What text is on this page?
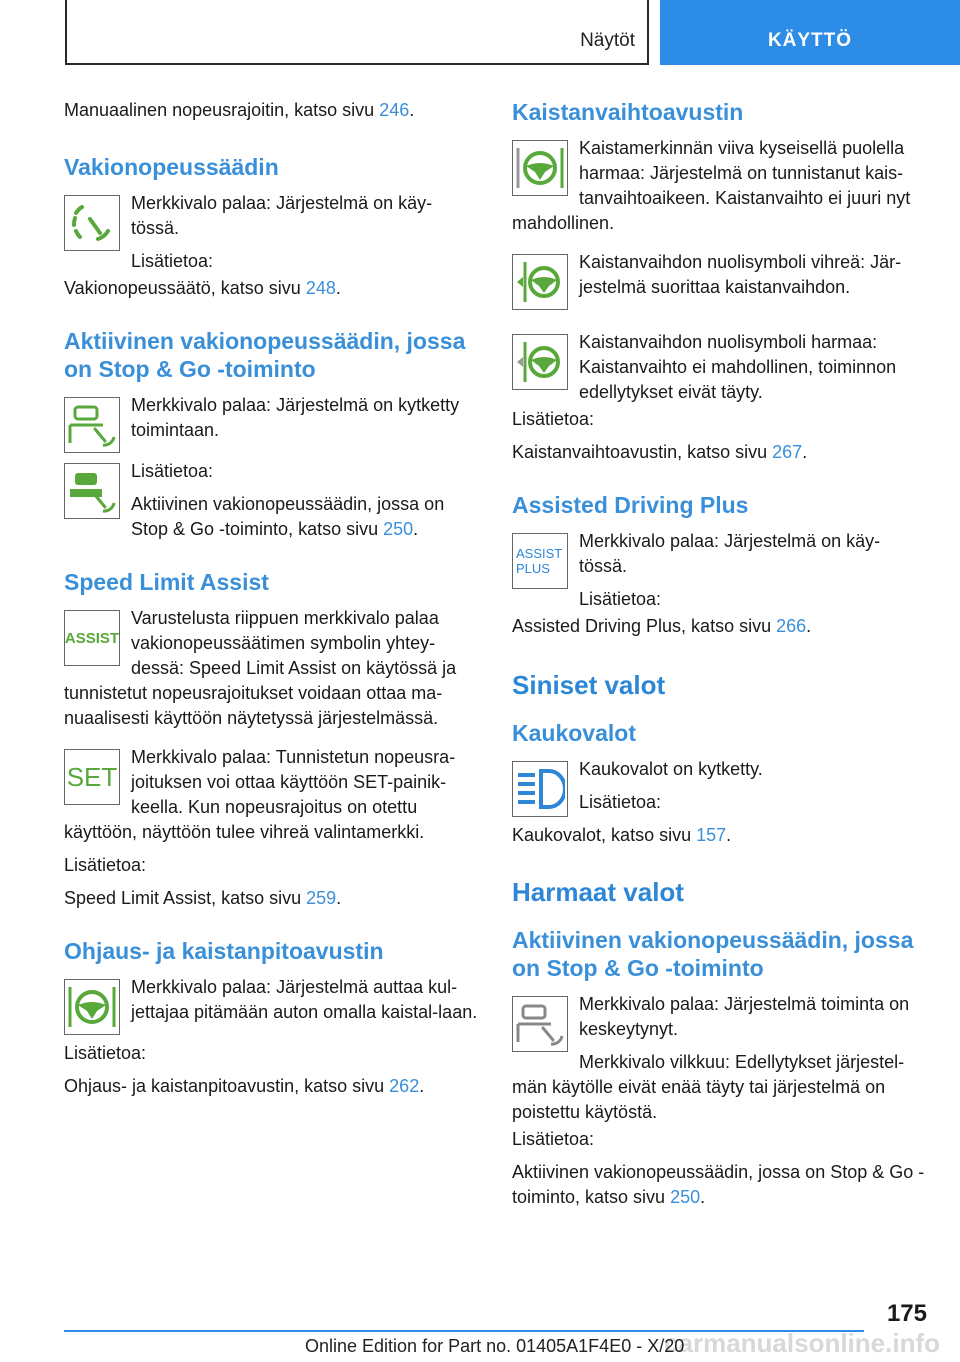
Näytöt	KÄYTTÖ

Manuaalinen nopeusrajoitin, katso sivu 246.

Vakionopeussäädin

Merkkivalo palaa: Järjestelmä on käy-

tössä.

Lisätietoa:

Vakionopeussäätö, katso sivu 248.

Aktiivinen vakionopeussäädin, jossa on Stop & Go -toiminto

Merkkivalo palaa: Järjestelmä on kytketty

toimintaan.

Lisätietoa:

Aktiivinen vakionopeussäädin, jossa on

Stop & Go -toiminto, katso sivu 250.

Speed Limit Assist
ASSIST

Varustelusta riippuen merkkivalo palaa vakionopeussäätimen symbolin yhtey-dessä: Speed Limit Assist on käytössä ja tunnistetut nopeusrajoitukset voidaan ottaa ma-nuaalisesti käyttöön näytetyssä järjestelmässä.

SET

Merkkivalo palaa: Tunnistetun nopeusra-joituksen voi ottaa käyttöön SET-painik-keella. Kun nopeusrajoitus on otettu käyttöön, näyttöön tulee vihreä valintamerkki.

Lisätietoa:

Speed Limit Assist, katso sivu 259.

Ohjaus- ja kaistanpitoavustin

Merkkivalo palaa: Järjestelmä auttaa kul-jettajaa pitämään auton omalla kaistal-laan.

Lisätietoa:

Ohjaus- ja kaistanpitoavustin, katso sivu 262.

Kaistanvaihtoavustin

Kaistamerkinnän viiva kyseisellä puolella harmaa: Järjestelmä on tunnistanut kais-tanvaihtoaikeen. Kaistanvaihto ei juuri nyt mahdollinen.

Kaistanvaihdon nuolisymboli vihreä: Jär-jestelmä suorittaa kaistanvaihdon.

Kaistanvaihdon nuolisymboli harmaa: Kaistanvaihto ei mahdollinen, toiminnon edellytykset eivät täyty.

Lisätietoa:

Kaistanvaihtoavustin, katso sivu 267.

Assisted Driving Plus
ASSIST
PLUS

Merkkivalo palaa: Järjestelmä on käy-

tössä.

Lisätietoa:

Assisted Driving Plus, katso sivu 266.

Siniset valot
Kaukovalot

Kaukovalot on kytketty.

Lisätietoa:

Kaukovalot, katso sivu 157.

Harmaat valot
Aktiivinen vakionopeussäädin, jossa on Stop & Go -toiminto

Merkkivalo palaa: Järjestelmä toiminta on keskeytynyt.

Merkkivalo vilkkuu: Edellytykset järjestel-män käytölle eivät enää täyty tai järjestelmä on poistettu käytöstä.

Lisätietoa:

Aktiivinen vakionopeussäädin, jossa on Stop & Go -toiminto, katso sivu 250.

175
carmanualsonline.info
Online Edition for Part no. 01405A1F4E0 - X/20
